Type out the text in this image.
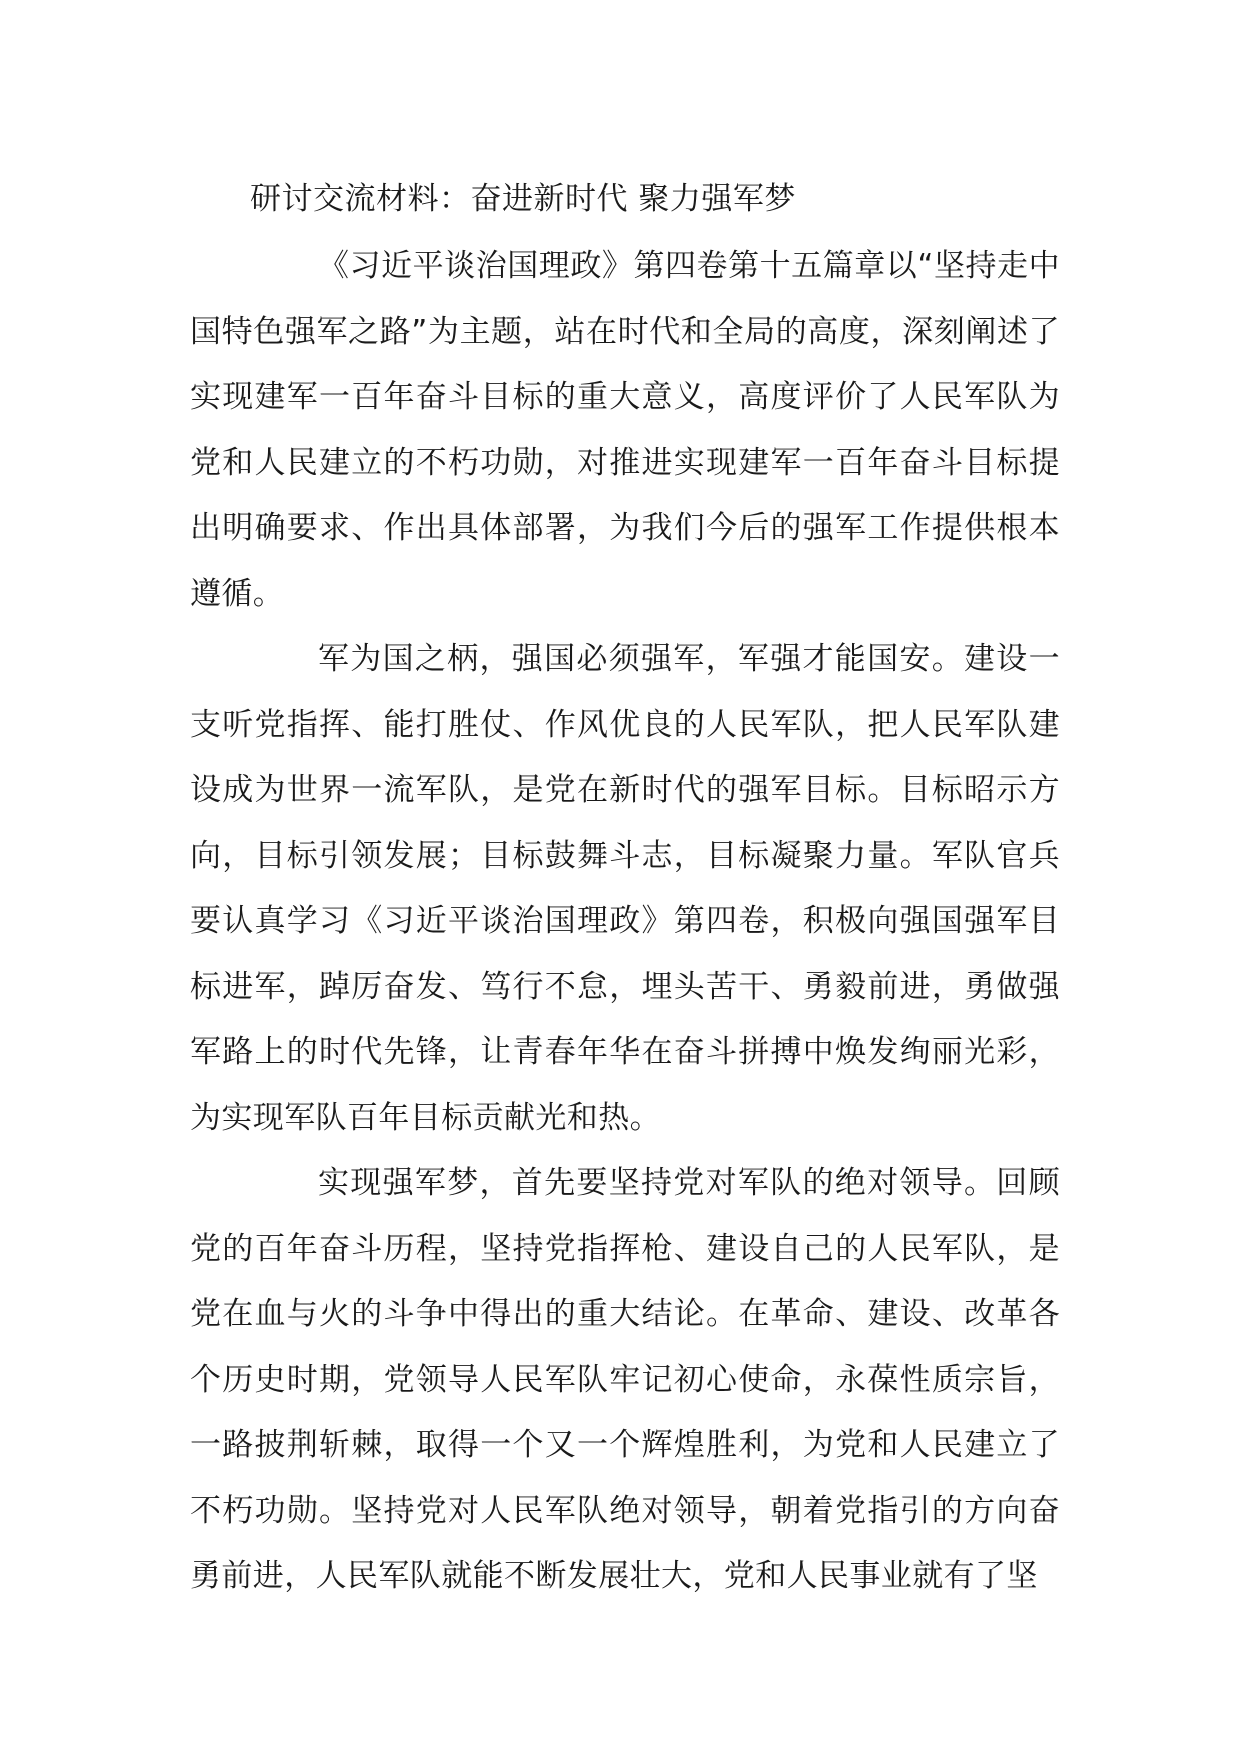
研讨交流材料：奋进新时代 聚力强军梦

《习近平谈治国理政》第四卷第十五篇章以“坚持走中国特色强军之路”为主题，站在时代和全局的高度，深刻阐述了实现建军一百年奋斗目标的重大意义，高度评价了人民军队为党和人民建立的不朽功勋，对推进实现建军一百年奋斗目标提出明确要求、作出具体部署，为我们今后的强军工作提供根本遵循。

军为国之柄，强国必须强军，军强才能国安。建设一支听党指挥、能打胜仗、作风优良的人民军队，把人民军队建设成为世界一流军队，是党在新时代的强军目标。目标昭示方向，目标引领发展；目标鼓舞斗志，目标凝聚力量。军队官兵要认真学习《习近平谈治国理政》第四卷，积极向强国强军目标进军，踔厉奋发、笃行不怠，埋头苦干、勇毅前进，勇做强军路上的时代先锋，让青春年华在奋斗拼搏中焕发绚丽光彩，为实现军队百年目标贡献光和热。

实现强军梦，首先要坚持党对军队的绝对领导。回顾党的百年奋斗历程，坚持党指挥枪、建设自己的人民军队，是党在血与火的斗争中得出的重大结论。在革命、建设、改革各个历史时期，党领导人民军队牢记初心使命，永葆性质宗旨，一路披荆斩棘，取得一个又一个辉煌胜利，为党和人民建立了不朽功勋。坚持党对人民军队绝对领导，朝着党指引的方向奋勇前进，人民军队就能不断发展壮大，党和人民事业就有了坚
